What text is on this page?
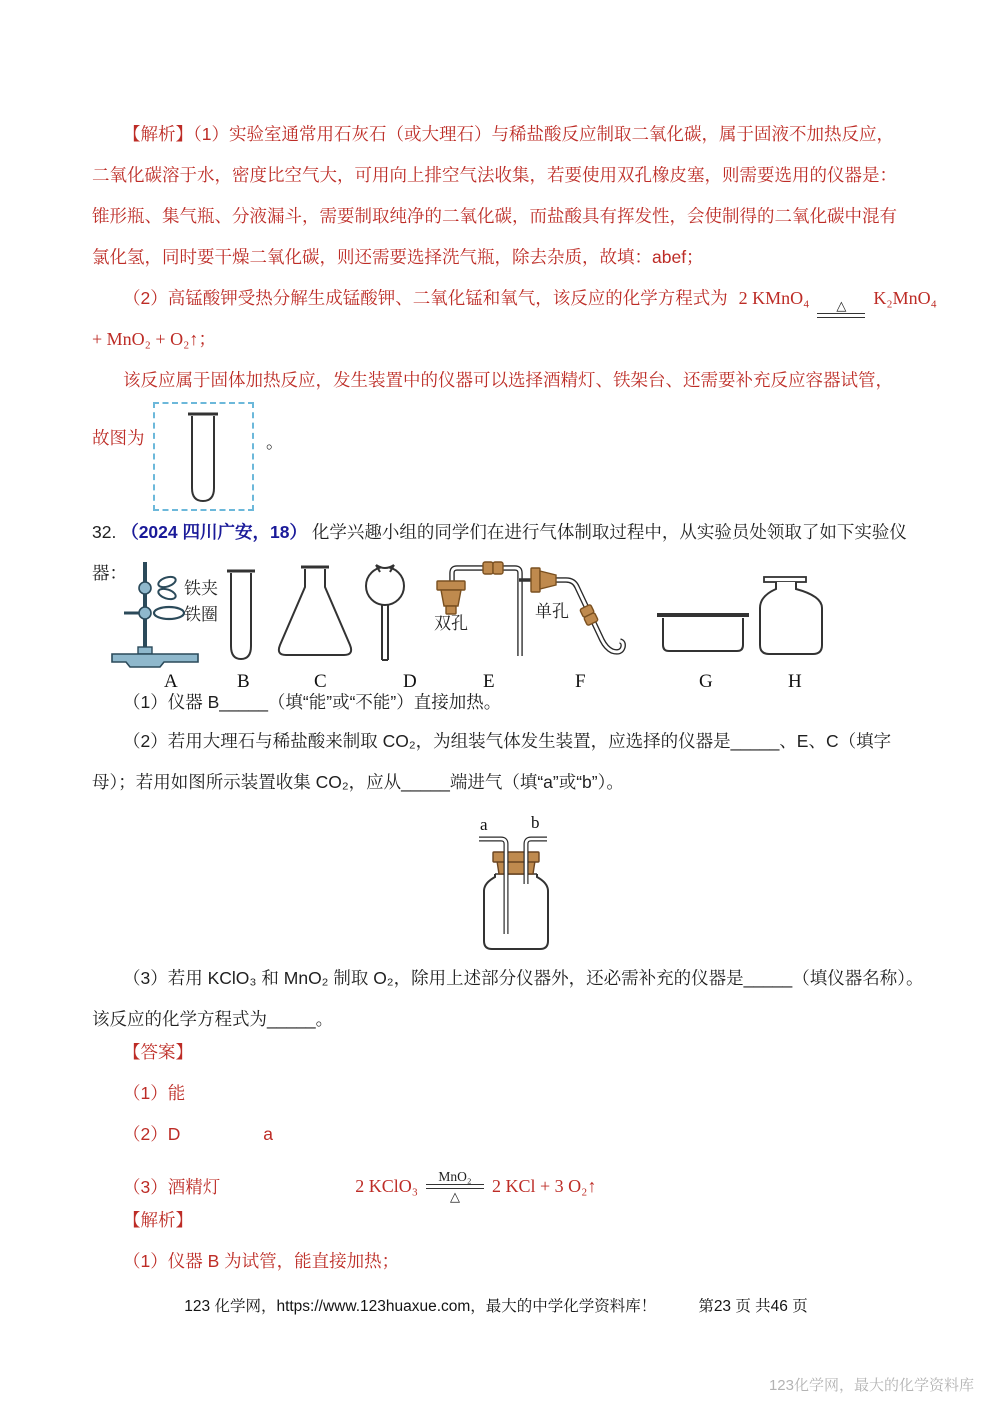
【解析】（1）实验室通常用石灰石（或大理石）与稀盐酸反应制取二氧化碳，属于固液不加热反应，
二氧化碳溶于水，密度比空气大，可用向上排空气法收集，若要使用双孔橡皮塞，则需要选用的仪器是：
锥形瓶、集气瓶、分液漏斗，需要制取纯净的二氧化碳，而盐酸具有挥发性，会使制得的二氧化碳中混有
氯化氢，同时要干燥二氧化碳，则还需要选择洗气瓶，除去杂质，故填：abef；
（2）高锰酸钾受热分解生成锰酸钾、二氧化锰和氧气，该反应的化学方程式为 2 KMnO₄ △ K₂MnO₄
+ MnO₂ + O₂↑；
该反应属于固体加热反应，发生装置中的仪器可以选择酒精灯、铁架台、还需要补充反应容器试管，
故图为	。
32. （2024 四川广安，18） 化学兴趣小组的同学们在进行气体制取过程中，从实验员处领取了如下实验仪器：
铁夹
铁圈	双孔
单孔
A	B	C	D	E	F	G	H
（1）仪器 B_____（填“能”或“不能”）直接加热。
（2）若用大理石与稀盐酸来制取 CO₂，为组装气体发生装置，应选择的仪器是_____、E、C（填字
母）；若用如图所示装置收集 CO₂，应从_____端进气（填“a”或“b”）。
a	b
（3）若用 KClO₃ 和 MnO₂ 制取 O₂，除用上述部分仪器外，还必需补充的仪器是_____（填仪器名称）。
该反应的化学方程式为_____。
【答案】
（1）能
（2）D	a
（3）酒精灯	2 KClO₃ MnO₂
△
2 KCl + 3 O₂↑
【解析】
（1）仪器 B 为试管，能直接加热；
123 化学网，https://www.123huaxue.com，最大的中学化学资料库！	第23 页 共46 页
123化学网，最大的化学资料库
